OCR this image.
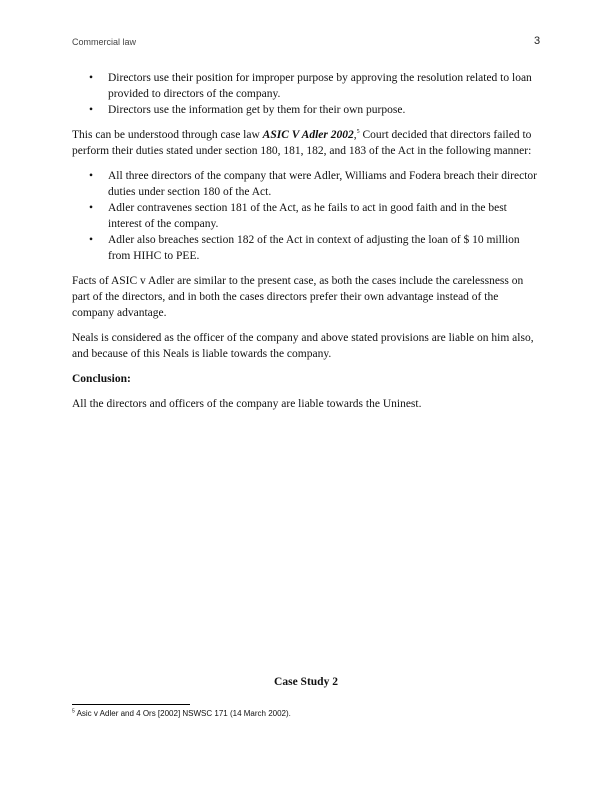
Commercial law	3
• Directors use their position for improper purpose by approving the resolution related to loan provided to directors of the company.
• Directors use the information get by them for their own purpose.

This can be understood through case law ASIC V Adler 2002,$^5$ Court decided that directors failed to perform their duties stated under section 180, 181, 182, and 183 of the Act in the following manner:

• All three directors of the company that were Adler, Williams and Fodera breach their director duties under section 180 of the Act.
• Adler contravenes section 181 of the Act, as he fails to act in good faith and in the best interest of the company.
• Adler also breaches section 182 of the Act in context of adjusting the loan of $ 10 million from HIHC to PEE.

Facts of ASIC v Adler are similar to the present case, as both the cases include the carelessness on part of the directors, and in both the cases directors prefer their own advantage instead of the company advantage.

Neals is considered as the officer of the company and above stated provisions are liable on him also, and because of this Neals is liable towards the company.

Conclusion:

All the directors and officers of the company are liable towards the Uninest.

Case Study 2
$^5$ Asic v Adler and 4 Ors [2002] NSWSC 171 (14 March 2002).
